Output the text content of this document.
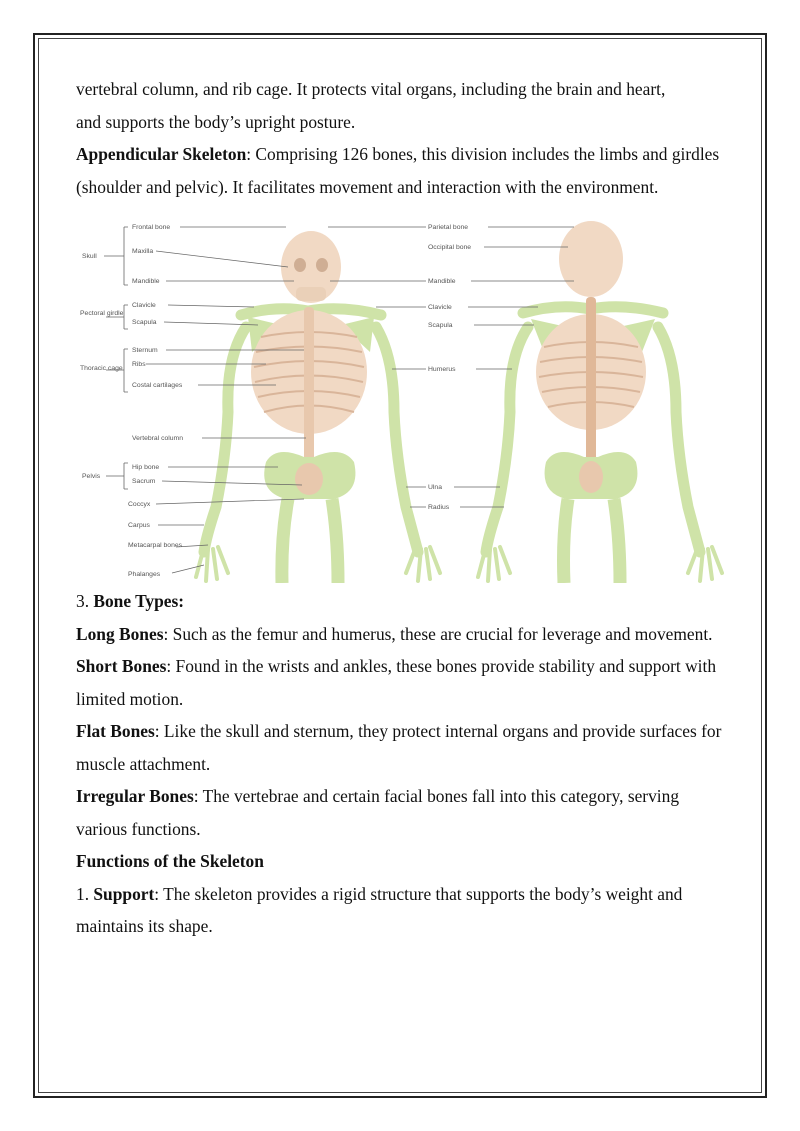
vertebral column, and rib cage. It protects vital organs, including the brain and heart,

and supports the body’s upright posture.

Appendicular Skeleton: Comprising 126 bones, this division includes the limbs and girdles (shoulder and pelvic). It facilitates movement and interaction with the environment.

Skull
Pectoral girdle
Thoracic cage
Pelvis
Frontal bone
Maxilla
Mandible
Clavicle
Scapula
Sternum
Ribs
Costal cartilages
Vertebral column
Hip bone
Sacrum
Coccyx
Carpus
Metacarpal bones
Phalanges
Parietal bone
Occipital bone
Mandible
Clavicle
Scapula
Humerus
Ulna
Radius

3. Bone Types:

Long Bones: Such as the femur and humerus, these are crucial for leverage and movement.

Short Bones: Found in the wrists and ankles, these bones provide stability and support with limited motion.

Flat Bones: Like the skull and sternum, they protect internal organs and provide surfaces for muscle attachment.

Irregular Bones: The vertebrae and certain facial bones fall into this category, serving various functions.

Functions of the Skeleton

1. Support: The skeleton provides a rigid structure that supports the body’s weight and maintains its shape.
